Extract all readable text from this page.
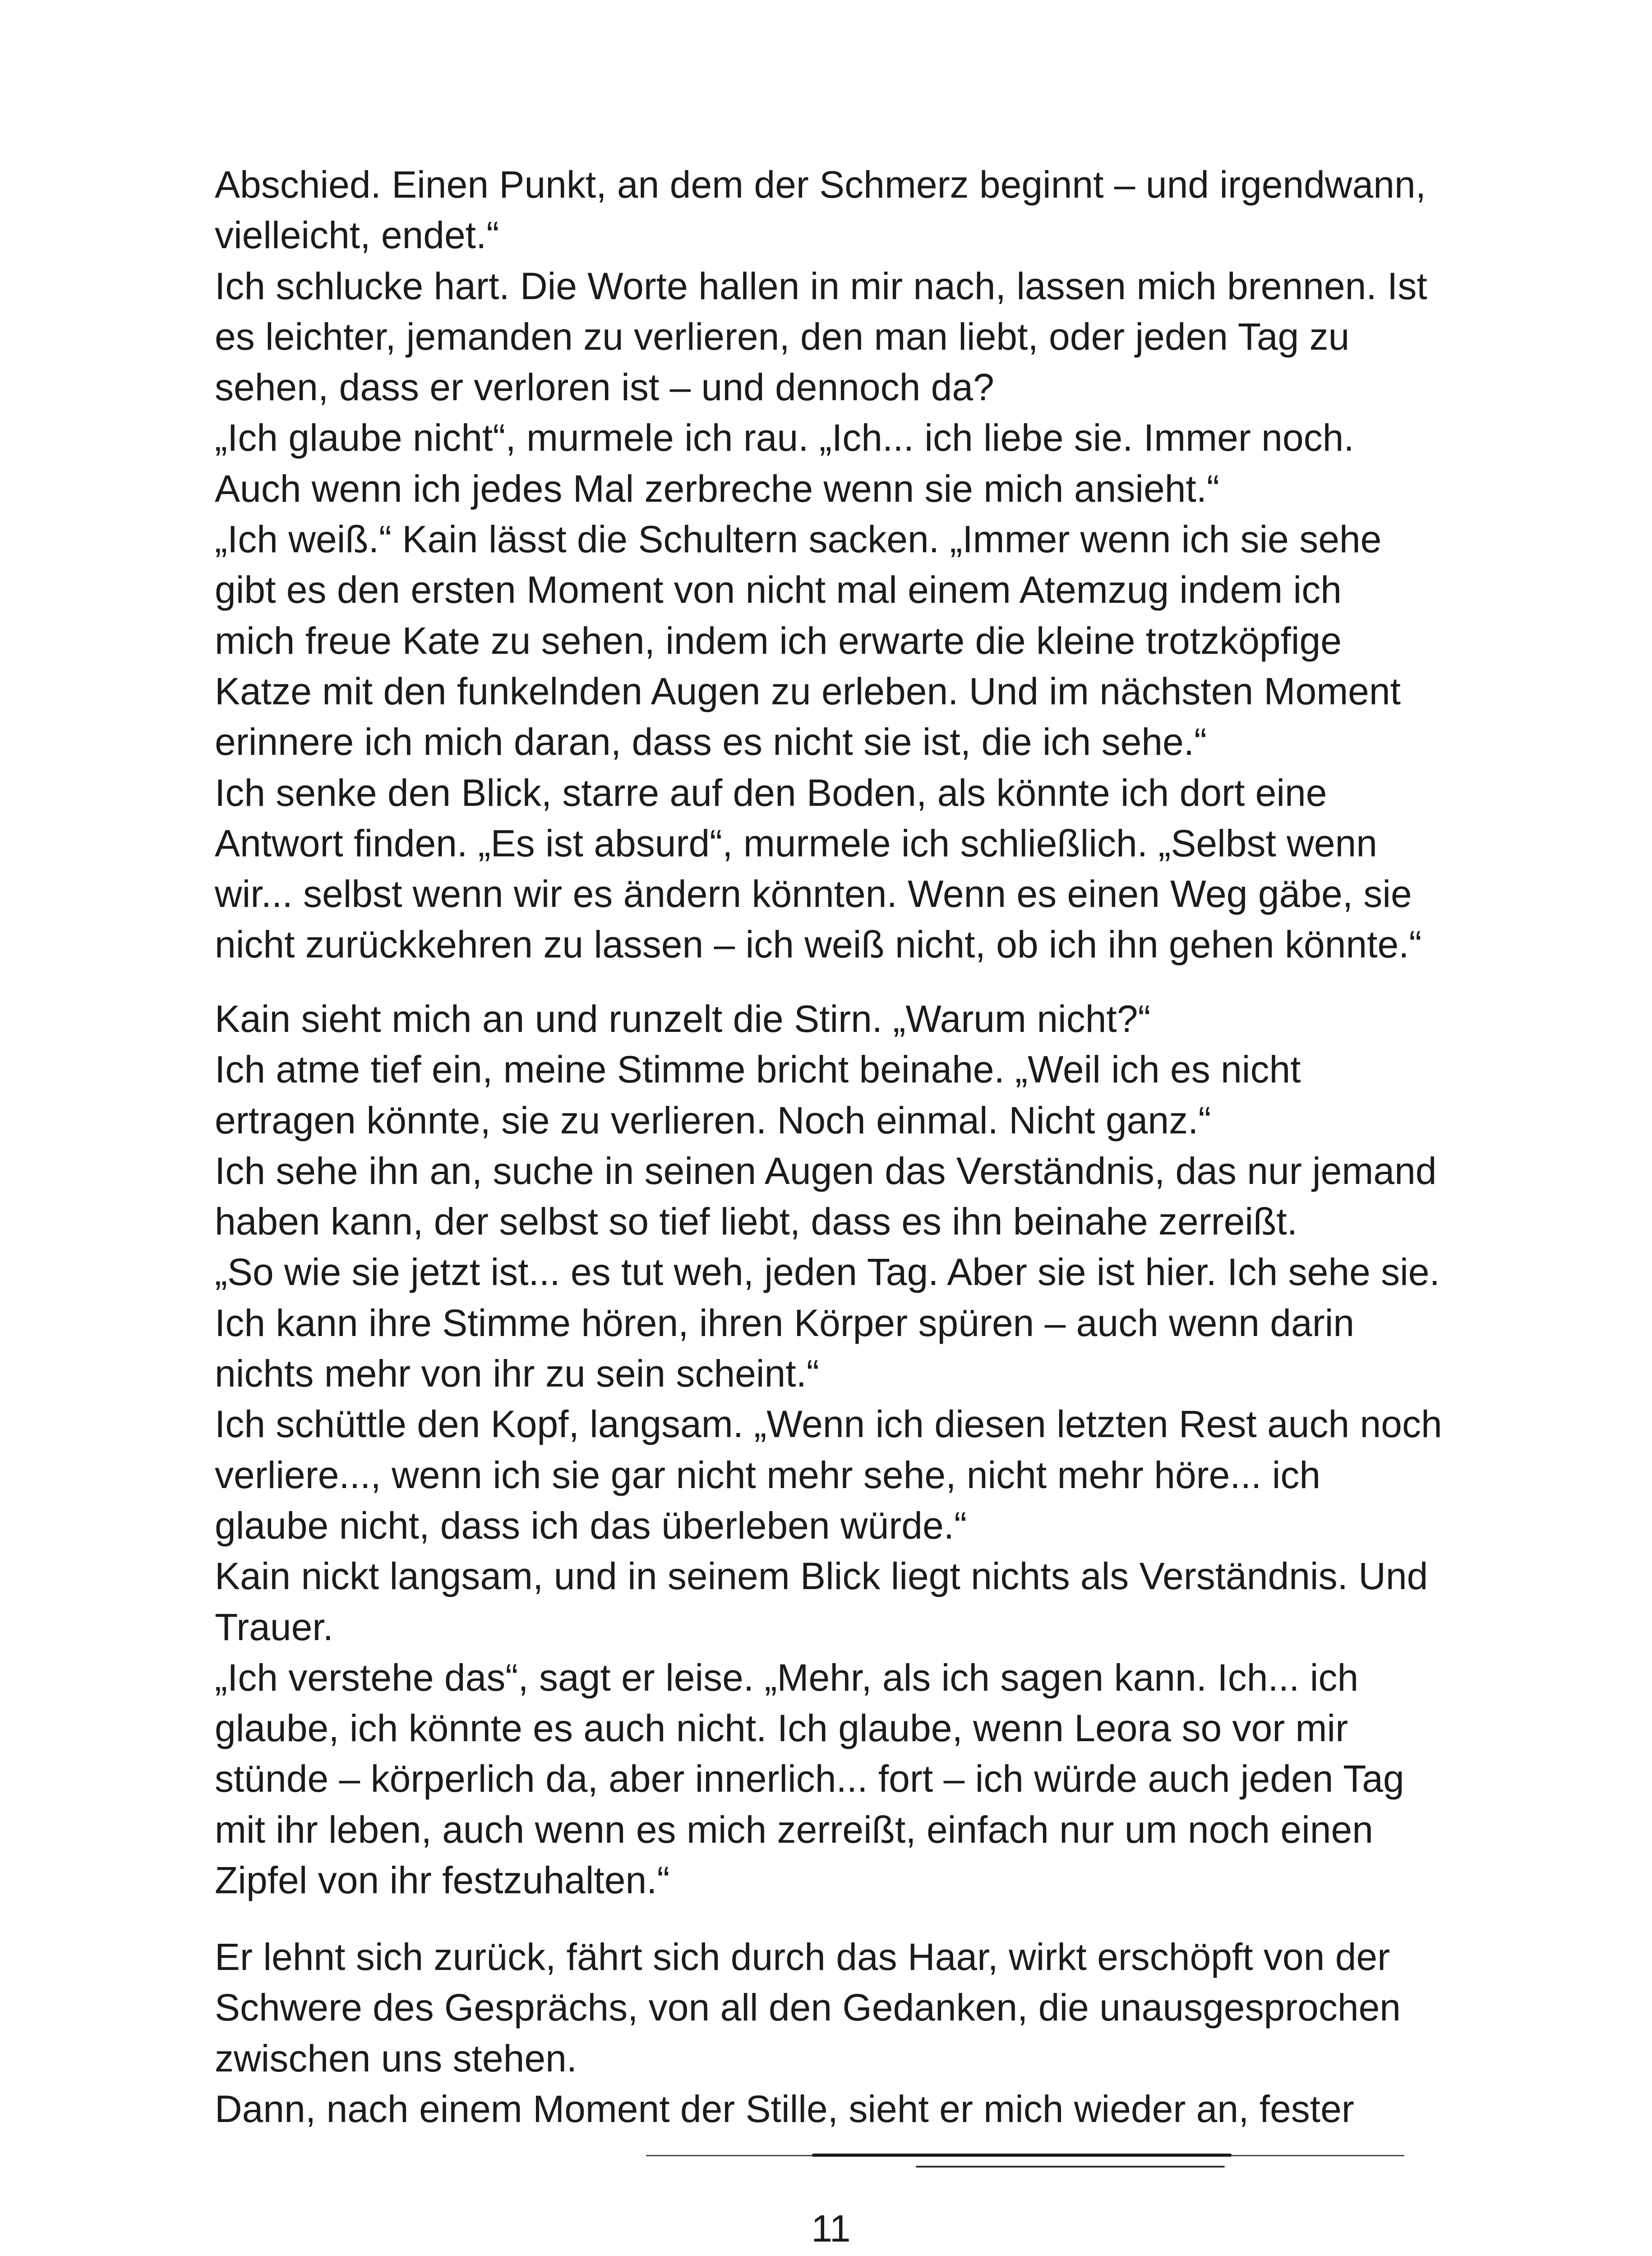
Abschied. Einen Punkt, an dem der Schmerz beginnt – und irgendwann,
vielleicht, endet.“
Ich schlucke hart. Die Worte hallen in mir nach, lassen mich brennen. Ist
es leichter, jemanden zu verlieren, den man liebt, oder jeden Tag zu
sehen, dass er verloren ist – und dennoch da?
„Ich glaube nicht“, murmele ich rau. „Ich... ich liebe sie. Immer noch.
Auch wenn ich jedes Mal zerbreche wenn sie mich ansieht.“
„Ich weiß.“ Kain lässt die Schultern sacken. „Immer wenn ich sie sehe
gibt es den ersten Moment von nicht mal einem Atemzug indem ich
mich freue Kate zu sehen, indem ich erwarte die kleine trotzköpfige
Katze mit den funkelnden Augen zu erleben. Und im nächsten Moment
erinnere ich mich daran, dass es nicht sie ist, die ich sehe.“
Ich senke den Blick, starre auf den Boden, als könnte ich dort eine
Antwort finden. „Es ist absurd“, murmele ich schließlich. „Selbst wenn
wir... selbst wenn wir es ändern könnten. Wenn es einen Weg gäbe, sie
nicht zurückkehren zu lassen – ich weiß nicht, ob ich ihn gehen könnte.“
Kain sieht mich an und runzelt die Stirn. „Warum nicht?“
Ich atme tief ein, meine Stimme bricht beinahe. „Weil ich es nicht
ertragen könnte, sie zu verlieren. Noch einmal. Nicht ganz.“
Ich sehe ihn an, suche in seinen Augen das Verständnis, das nur jemand
haben kann, der selbst so tief liebt, dass es ihn beinahe zerreißt.
„So wie sie jetzt ist... es tut weh, jeden Tag. Aber sie ist hier. Ich sehe sie.
Ich kann ihre Stimme hören, ihren Körper spüren – auch wenn darin
nichts mehr von ihr zu sein scheint.“
Ich schüttle den Kopf, langsam. „Wenn ich diesen letzten Rest auch noch
verliere..., wenn ich sie gar nicht mehr sehe, nicht mehr höre... ich
glaube nicht, dass ich das überleben würde.“
Kain nickt langsam, und in seinem Blick liegt nichts als Verständnis. Und
Trauer.
„Ich verstehe das“, sagt er leise. „Mehr, als ich sagen kann. Ich... ich
glaube, ich könnte es auch nicht. Ich glaube, wenn Leora so vor mir
stünde – körperlich da, aber innerlich... fort – ich würde auch jeden Tag
mit ihr leben, auch wenn es mich zerreißt, einfach nur um noch einen
Zipfel von ihr festzuhalten.“
Er lehnt sich zurück, fährt sich durch das Haar, wirkt erschöpft von der
Schwere des Gesprächs, von all den Gedanken, die unausgesprochen
zwischen uns stehen.
Dann, nach einem Moment der Stille, sieht er mich wieder an, fester
11
